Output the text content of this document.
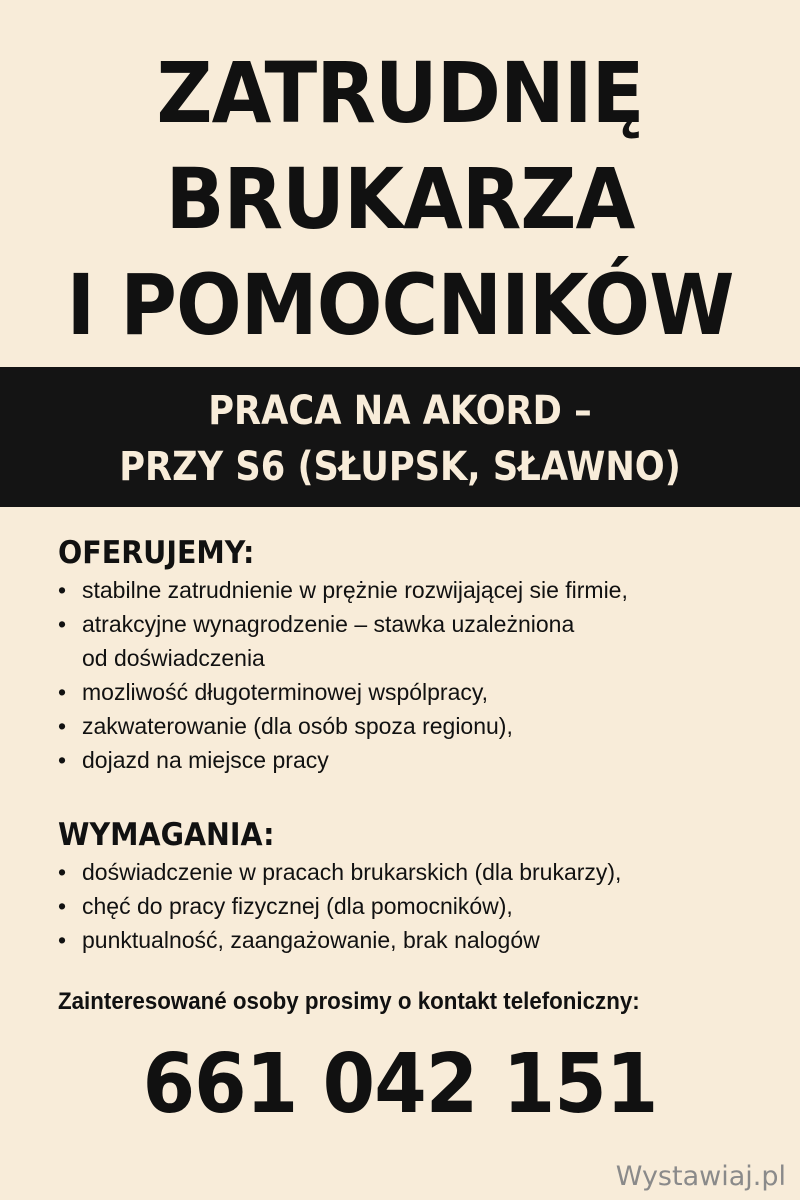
ZATRUDNIĘ
BRUKARZA
I POMOCNIKÓW
PRACA NA AKORD –
PRZY S6 (SŁUPSK, SŁAWNO)
OFERUJEMY:
• stabilne zatrudnienie w prężnie rozwijającej sie firmie,
• atrakcyjne wynagrodzenie – stawka uzależniona
od doświadczenia
• mozliwość długoterminowej wspólpracy,
• zakwaterowanie (dla osób spoza regionu),
• dojazd na miejsce pracy
WYMAGANIA:
• doświadczenie w pracach brukarskich (dla brukarzy),
• chęć do pracy fizycznej (dla pomocników),
• punktualność, zaangażowanie, brak nalogów
Zainteresowané osoby prosimy o kontakt telefoniczny:
661 042 151
Wystawiaj.pl
